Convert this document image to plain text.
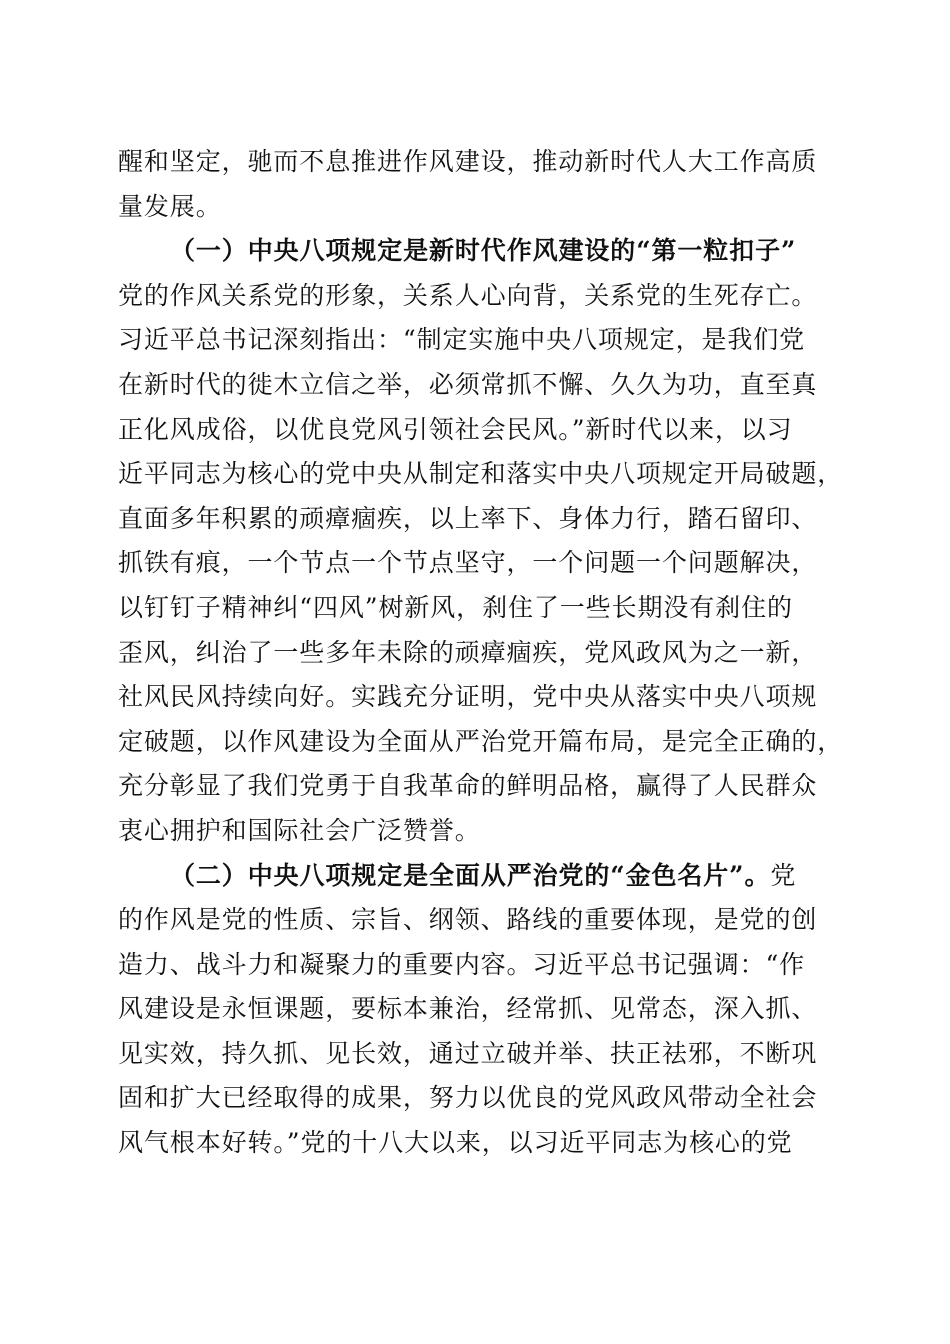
醒和坚定，驰而不息推进作风建设，推动新时代人大工作高质
量发展。
（一）中央八项规定是新时代作风建设的“第一粒扣子”
党的作风关系党的形象，关系人心向背，关系党的生死存亡。
习近平总书记深刻指出：“制定实施中央八项规定，是我们党
在新时代的徙木立信之举，必须常抓不懈、久久为功，直至真
正化风成俗，以优良党风引领社会民风。”新时代以来，以习
近平同志为核心的党中央从制定和落实中央八项规定开局破题，
直面多年积累的顽瘴痼疾，以上率下、身体力行，踏石留印、
抓铁有痕，一个节点一个节点坚守，一个问题一个问题解决，
以钉钉子精神纠“四风”树新风，刹住了一些长期没有刹住的
歪风，纠治了一些多年未除的顽瘴痼疾，党风政风为之一新，
社风民风持续向好。实践充分证明，党中央从落实中央八项规
定破题，以作风建设为全面从严治党开篇布局，是完全正确的，
充分彰显了我们党勇于自我革命的鲜明品格，赢得了人民群众
衷心拥护和国际社会广泛赞誉。
（二）中央八项规定是全面从严治党的“金色名片”。党
的作风是党的性质、宗旨、纲领、路线的重要体现，是党的创
造力、战斗力和凝聚力的重要内容。习近平总书记强调：“作
风建设是永恒课题，要标本兼治，经常抓、见常态，深入抓、
见实效，持久抓、见长效，通过立破并举、扶正祛邪，不断巩
固和扩大已经取得的成果，努力以优良的党风政风带动全社会
风气根本好转。”党的十八大以来，以习近平同志为核心的党
